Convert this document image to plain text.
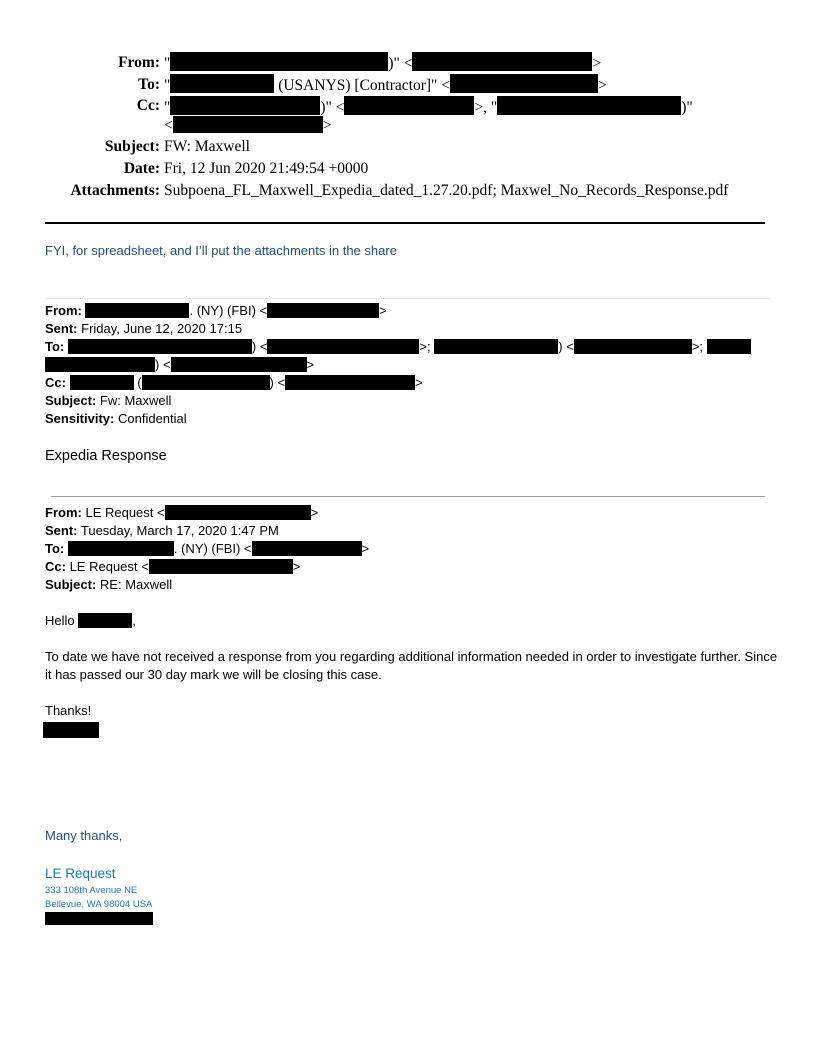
From: "	)" <	>
To: "	(USANYS) [Contractor]" <	>
Cc: "	)" <	>, "	)"
<	>
Subject: FW: Maxwell
Date: Fri, 12 Jun 2020 21:49:54 +0000
Attachments: Subpoena_FL_Maxwell_Expedia_dated_1.27.20.pdf; Maxwel_No_Records_Response.pdf
FYI, for spreadsheet, and I’ll put the attachments in the share
From:	. (NY) (FBI) <	>
Sent: Friday, June 12, 2020 17:15
To:	) <	>;	) <	>;
) <	>
Cc:	(	) <	>
Subject: Fw: Maxwell
Sensitivity: Confidential
Expedia Response
From: LE Request <	>
Sent: Tuesday, March 17, 2020 1:47 PM
To:	. (NY) (FBI) <	>
Cc: LE Request <	>
Subject: RE: Maxwell
Hello	,
To date we have not received a response from you regarding additional information needed in order to investigate further. Since it has passed our 30 day mark we will be closing this case.
Thanks!
Many thanks,
LE Request
333 108th Avenue NE
Bellevue, WA 98004 USA
